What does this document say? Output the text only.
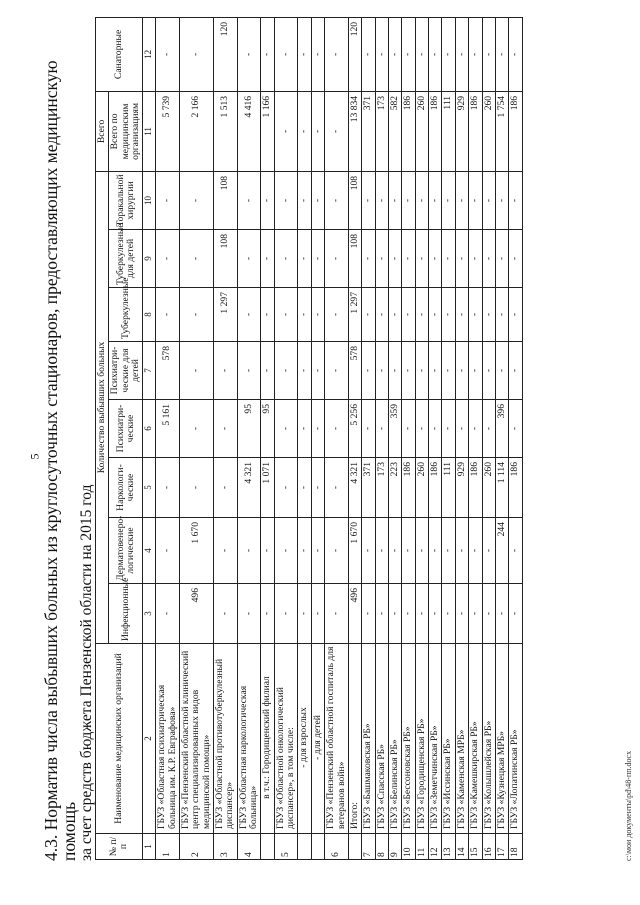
5 4.3. Норматив числа выбывших больных из круглосуточных стационаров, предоставляющих медицинскую помощь
за счет средств бюджета Пензенской области на 2015 год № п/п	Наименование медицинских организаций	Количество выбывших больных								Всего	Санаторные
		Инфекционные	Дерматовенеро-логические	Наркологи-ческие	Психиатри-ческие	Психиатри-ческие для детей	Туберкулезные	Туберкулезные для детей	Торакальной хирургии	Всего по медицинским организациям	
1	2	3	4	5	6	7	8	9	10	11	12
1	ГБУЗ «Областная психиатрическая больница им. К.Р. Евграфова»	-	-	-	5 161	578	-	-	-	5 739	-
2	ГБУЗ «Пензенский областной клинический центр специализированных видов медицинской помощи»	496	1 670	-	-	-	-	-	-	2 166	-
3	ГБУЗ «Областной противотуберкулезный диспансер»	-	-	-	-	-	1 297	108	108	1 513	120
4	ГБУЗ «Областная наркологическая больница»	-	-	4 321	95	-	-	-	-	4 416	-
	в т.ч.: Городищенский филиал	-	-	1 071	95	-	-	-	-	1 166	-
5	ГБУЗ «Областной онкологический диспансер», в том числе:	-	-	-	-	-	-	-	-	-	-
	- для взрослых	-	-	-	-	-	-	-	-	-	-
	- для детей	-	-	-	-	-	-	-	-	-	-
6	ГБУЗ «Пензенский областной госпиталь для ветеранов войн»	-	-	-	-	-	-	-	-	-	-
	Итого:	496	1 670	4 321	5 256	578	1 297	108	108	13 834	120
7	ГБУЗ «Башмаковская РБ»	-	-	371	-	-	-	-	-	371	-
8	ГБУЗ «Спасская РБ»	-	-	173	-	-	-	-	-	173	-
9	ГБУЗ «Белинская РБ»	-	-	223	359	-	-	-	-	582	-
10	ГБУЗ «Бессоновская РБ»	-	-	186	-	-	-	-	-	186	-
11	ГБУЗ «Городищенская РБ»	-	-	260	-	-	-	-	-	260	-
12	ГБУЗ «Земетчинская РБ»	-	-	186	-	-	-	-	-	186	-
13	ГБУЗ «Иссинская РБ»	-	-	111	-	-	-	-	-	111	-
14	ГБУЗ «Каменская МРБ»	-	-	929	-	-	-	-	-	929	-
15	ГБУЗ «Камешкирская РБ»	-	-	186	-	-	-	-	-	186	-
16	ГБУЗ «Колышлейская РБ»	-	-	260	-	-	-	-	-	260	-
17	ГБУЗ «Кузнецкая МРБ»	-	244	1 114	396	-	-	-	-	1 754	-
18	ГБУЗ «Лопатинская РБ»	-	-	186	-	-	-	-	-	186	-
c:\мои документы\pd\48-пп.docx
